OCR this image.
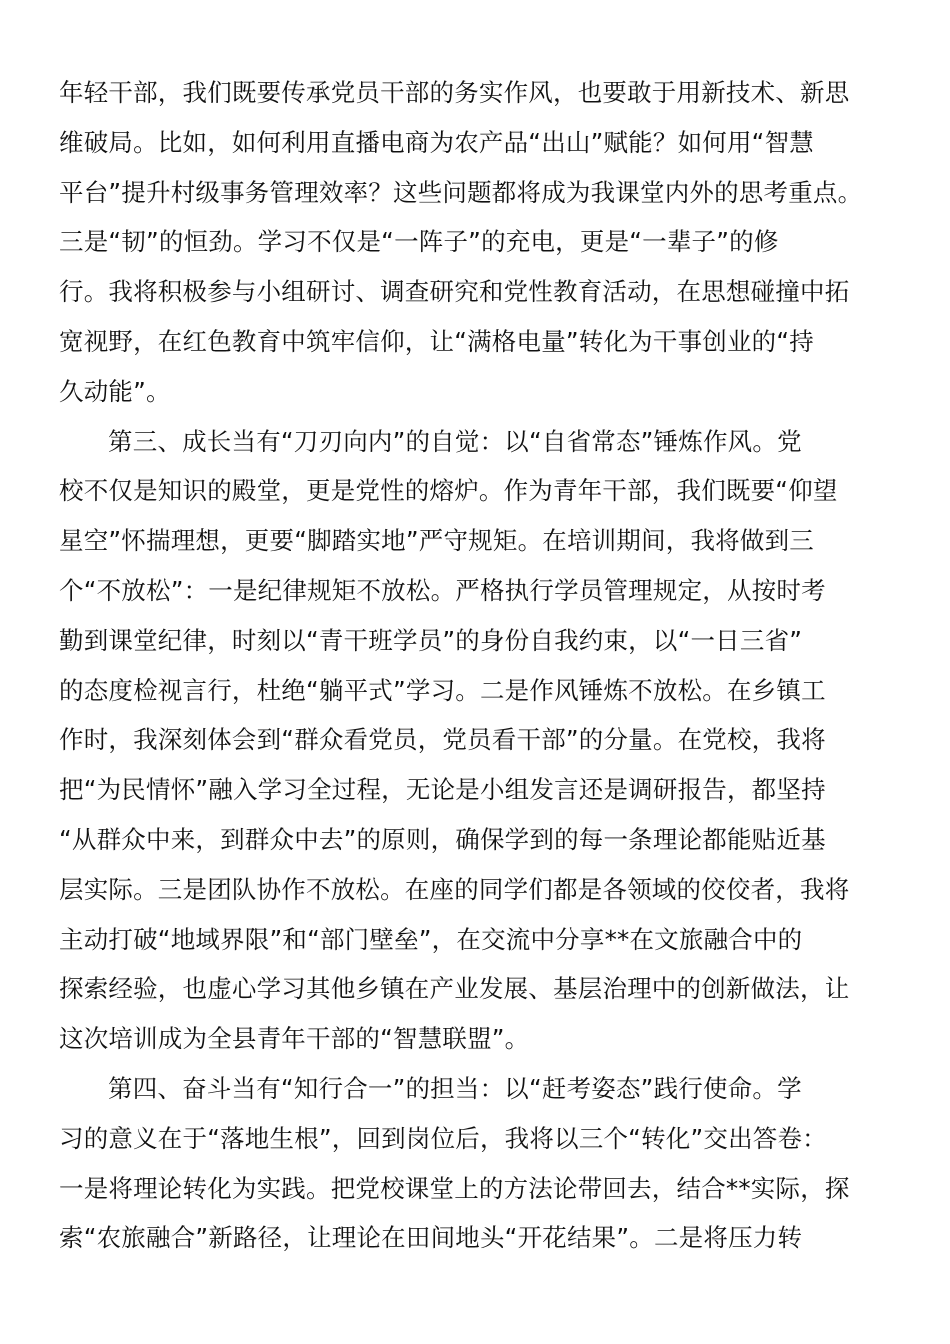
年轻干部，我们既要传承党员干部的务实作风，也要敢于用新技术、新思
维破局。比如，如何利用直播电商为农产品“出山”赋能？如何用“智慧
平台”提升村级事务管理效率？这些问题都将成为我课堂内外的思考重点。
三是“韧”的恒劲。学习不仅是“一阵子”的充电，更是“一辈子”的修
行。我将积极参与小组研讨、调查研究和党性教育活动，在思想碰撞中拓
宽视野，在红色教育中筑牢信仰，让“满格电量”转化为干事创业的“持
久动能”。
第三、成长当有“刀刃向内”的自觉：以“自省常态”锤炼作风。党
校不仅是知识的殿堂，更是党性的熔炉。作为青年干部，我们既要“仰望
星空”怀揣理想，更要“脚踏实地”严守规矩。在培训期间，我将做到三
个“不放松”：一是纪律规矩不放松。严格执行学员管理规定，从按时考
勤到课堂纪律，时刻以“青干班学员”的身份自我约束，以“一日三省”
的态度检视言行，杜绝“躺平式”学习。二是作风锤炼不放松。在乡镇工
作时，我深刻体会到“群众看党员，党员看干部”的分量。在党校，我将
把“为民情怀”融入学习全过程，无论是小组发言还是调研报告，都坚持
“从群众中来，到群众中去”的原则，确保学到的每一条理论都能贴近基
层实际。三是团队协作不放松。在座的同学们都是各领域的佼佼者，我将
主动打破“地域界限”和“部门壁垒”，在交流中分享**在文旅融合中的
探索经验，也虚心学习其他乡镇在产业发展、基层治理中的创新做法，让
这次培训成为全县青年干部的“智慧联盟”。
第四、奋斗当有“知行合一”的担当：以“赶考姿态”践行使命。学
习的意义在于“落地生根”，回到岗位后，我将以三个“转化”交出答卷：
一是将理论转化为实践。把党校课堂上的方法论带回去，结合**实际，探
索“农旅融合”新路径，让理论在田间地头“开花结果”。二是将压力转
